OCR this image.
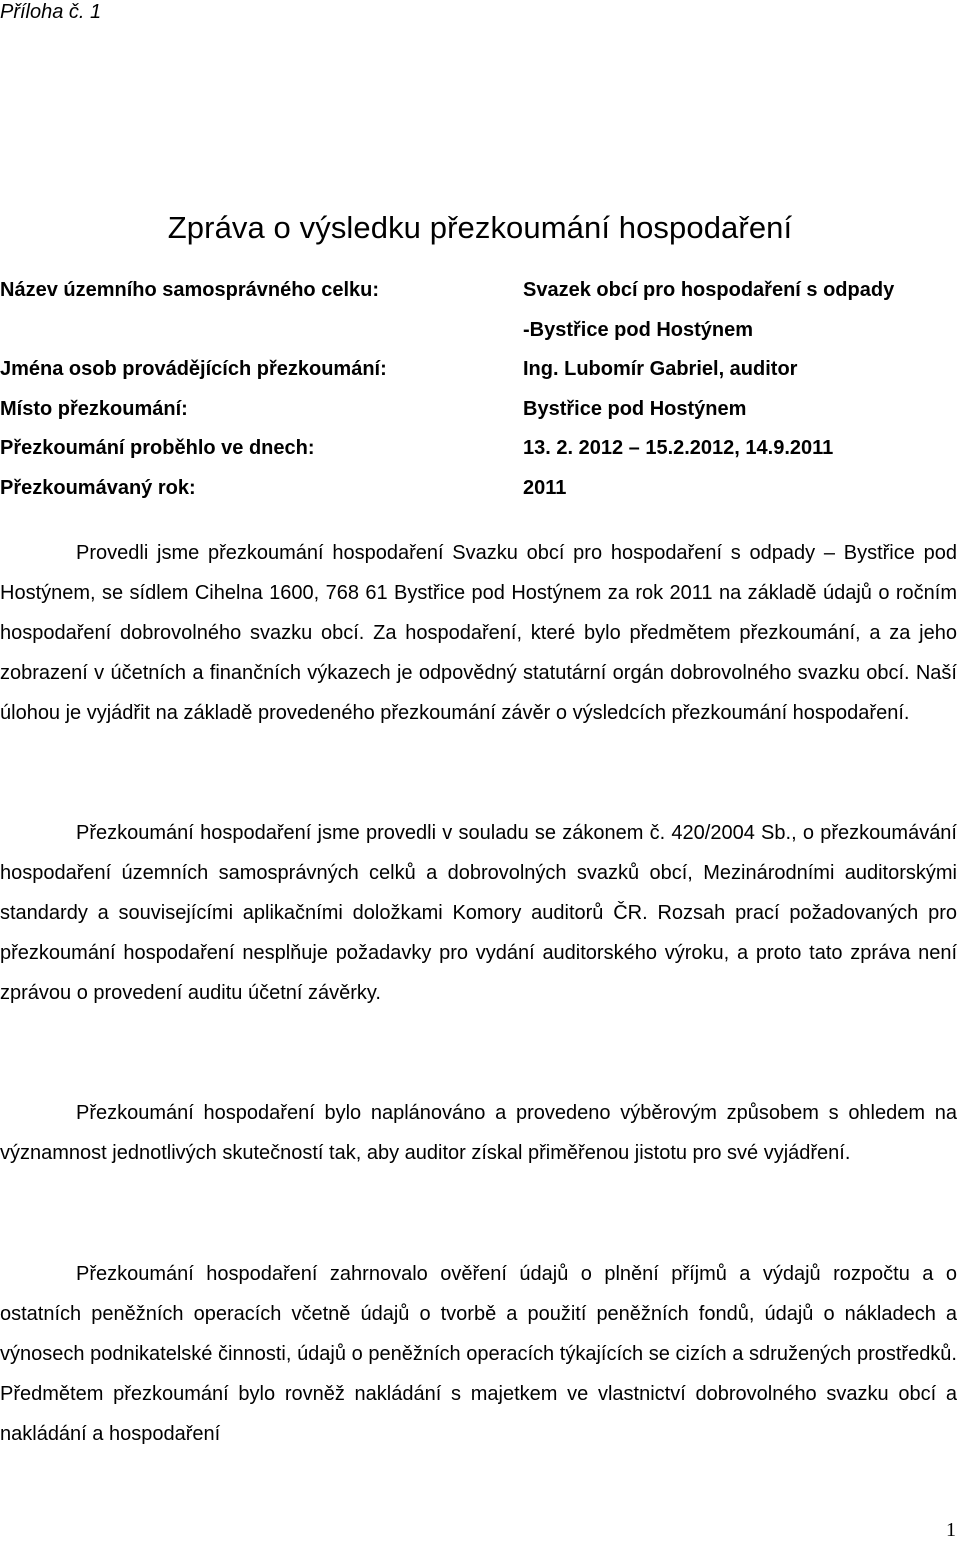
Příloha č. 1
Zpráva o výsledku přezkoumání hospodaření
Název územního samosprávného celku:	Svazek obcí pro hospodaření s odpady
-Bystřice pod Hostýnem
Jména osob provádějících přezkoumání:	Ing. Lubomír Gabriel, auditor
Místo přezkoumání:	Bystřice pod Hostýnem
Přezkoumání proběhlo ve dnech:	13. 2. 2012 – 15.2.2012, 14.9.2011
Přezkoumávaný rok:	2011

Provedli jsme přezkoumání hospodaření Svazku obcí pro hospodaření s odpady – Bystřice pod Hostýnem, se sídlem Cihelna 1600, 768 61 Bystřice pod Hostýnem za rok 2011 na základě údajů o ročním hospodaření dobrovolného svazku obcí. Za hospodaření, které bylo předmětem přezkoumání, a za jeho zobrazení v účetních a finančních výkazech je odpovědný statutární orgán dobrovolného svazku obcí. Naší úlohou je vyjádřit na základě provedeného přezkoumání závěr o výsledcích přezkoumání hospodaření.

Přezkoumání hospodaření jsme provedli v souladu se zákonem č. 420/2004 Sb., o přezkoumávání hospodaření územních samosprávných celků a dobrovolných svazků obcí, Mezinárodními auditorskými standardy a souvisejícími aplikačními doložkami Komory auditorů ČR. Rozsah prací požadovaných pro přezkoumání hospodaření nesplňuje požadavky pro vydání auditorského výroku, a proto tato zpráva není zprávou o provedení auditu účetní závěrky.

Přezkoumání hospodaření bylo naplánováno a provedeno výběrovým způsobem s ohledem na významnost jednotlivých skutečností tak, aby auditor získal přiměřenou jistotu pro své vyjádření.

Přezkoumání hospodaření zahrnovalo ověření údajů o plnění příjmů a výdajů rozpočtu a o ostatních peněžních operacích včetně údajů o tvorbě a použití peněžních fondů, údajů o nákladech a výnosech podnikatelské činnosti, údajů o peněžních operacích týkajících se cizích a sdružených prostředků. Předmětem přezkoumání bylo rovněž nakládání s majetkem ve vlastnictví dobrovolného svazku obcí a nakládání a hospodaření

1
